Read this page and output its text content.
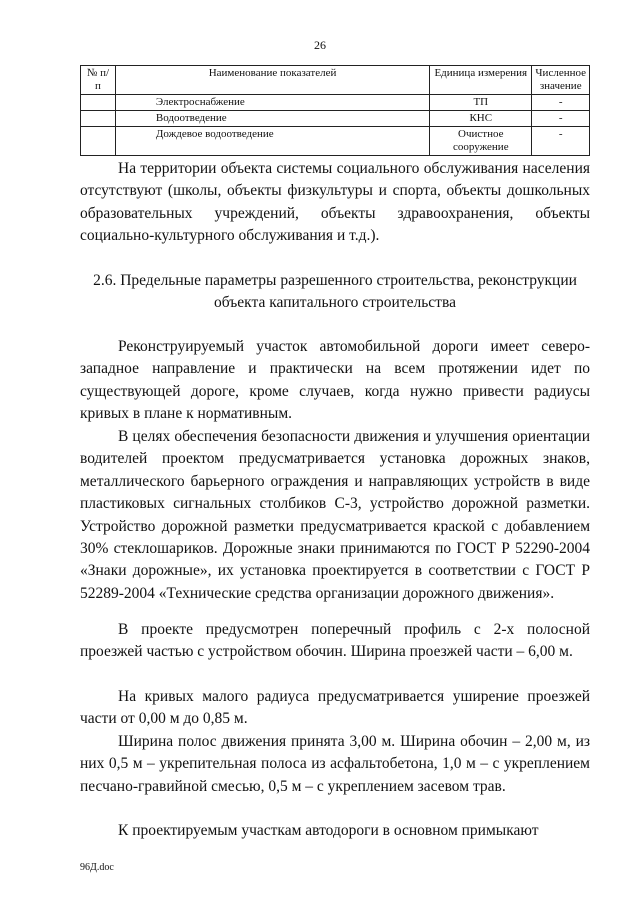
26
№ п/п	Наименование показателей	Единица измерения	Численное значение
	Электроснабжение	ТП	-
	Водоотведение	КНС	-
	Дождевое водоотведение	Очистное сооружение	-

На территории объекта системы социального обслуживания населения отсутствуют (школы, объекты физкультуры и спорта, объекты дошкольных образовательных учреждений, объекты здравоохранения, объекты социально-культурного обслуживания и т.д.).

2.6. Предельные параметры разрешенного строительства, реконструкции объекта капитального строительства

Реконструируемый участок автомобильной дороги имеет северо-западное направление и практически на всем протяжении идет по существующей дороге, кроме случаев, когда нужно привести радиусы кривых в плане к нормативным.

В целях обеспечения безопасности движения и улучшения ориентации водителей проектом предусматривается установка дорожных знаков, металлического барьерного ограждения и направляющих устройств в виде пластиковых сигнальных столбиков С-3, устройство дорожной разметки. Устройство дорожной разметки предусматривается краской с добавлением 30% стеклошариков. Дорожные знаки принимаются по ГОСТ Р 52290-2004 «Знаки дорожные», их установка проектируется в соответствии с ГОСТ Р 52289-2004 «Технические средства организации дорожного движения».

В проекте предусмотрен поперечный профиль с 2-х полосной проезжей частью с устройством обочин. Ширина проезжей части – 6,00 м.

На кривых малого радиуса предусматривается уширение проезжей части от 0,00 м до 0,85 м.

Ширина полос движения принята 3,00 м. Ширина обочин – 2,00 м, из них 0,5 м – укрепительная полоса из асфальтобетона, 1,0 м – с укреплением песчано-гравийной смесью, 0,5 м – с укреплением засевом трав.

К проектируемым участкам автодороги в основном примыкают

96Д.doc
